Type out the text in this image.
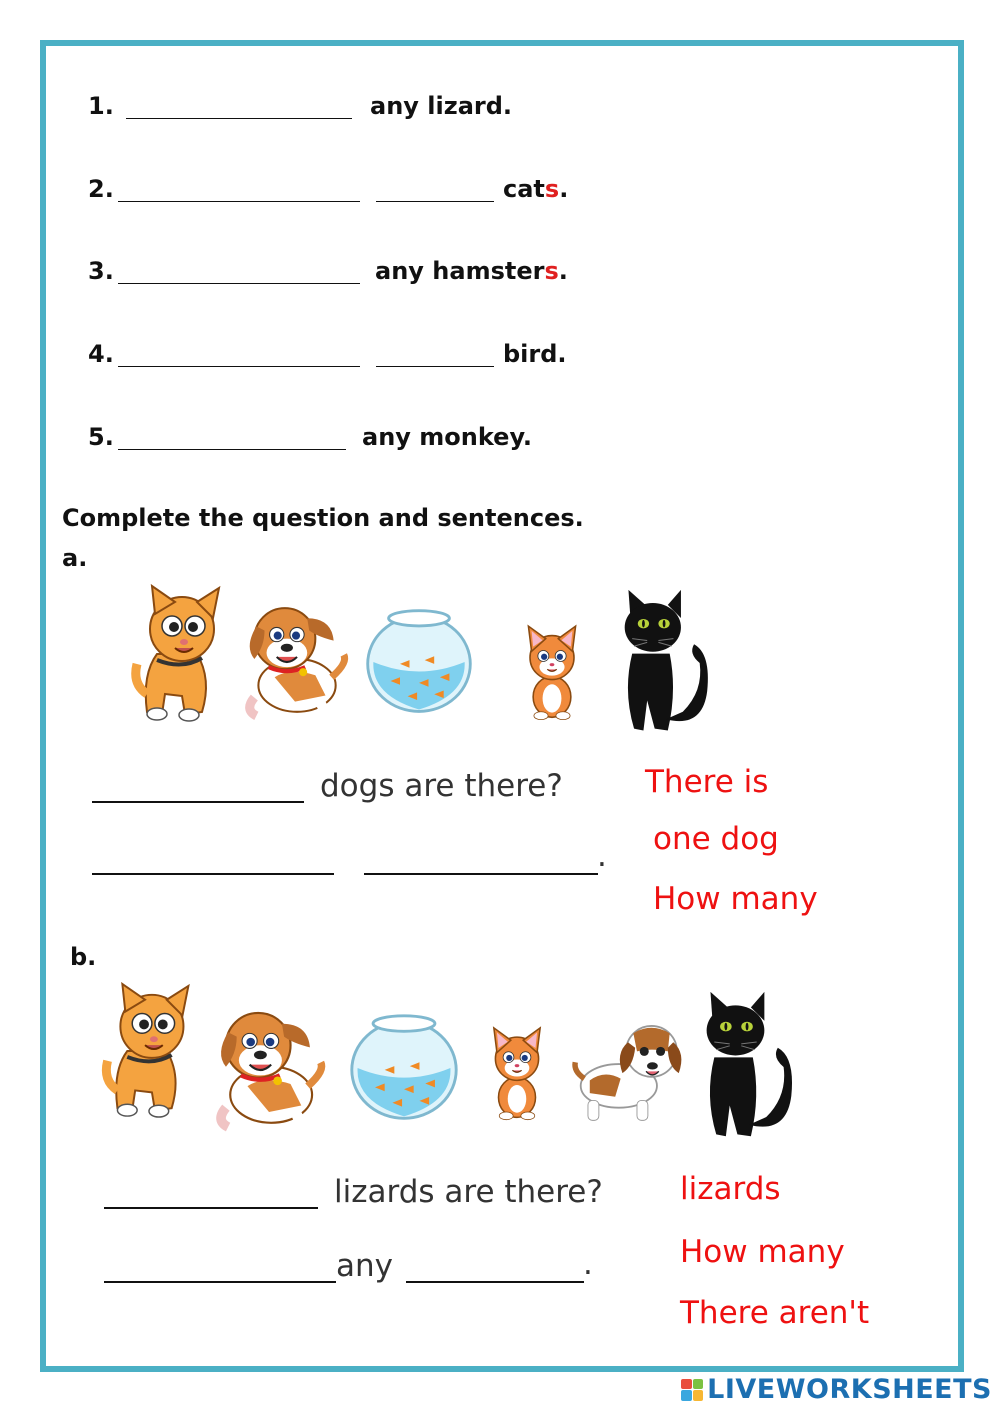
1.	any lizard.
2.	cats.
3.	any hamsters.
4.	bird.
5.	any monkey.
Complete the question and sentences.
a.
dogs are there?
.
There is
one dog
How many
b.
lizards are there?
any	.
lizards
How many
There aren't
LIVEWORKSHEETS
